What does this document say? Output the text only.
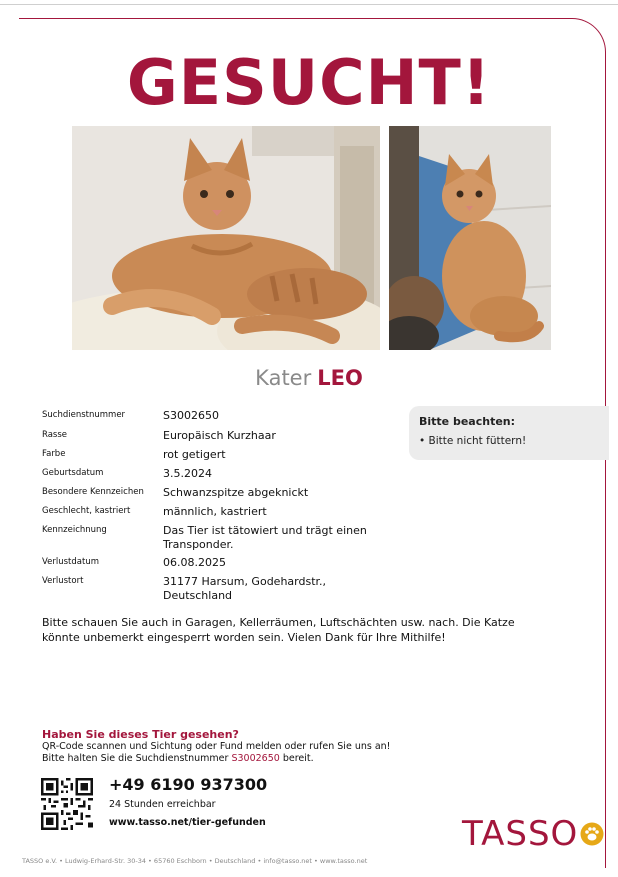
GESUCHT!
Kater LEO
Suchdienstnummer	S3002650
Rasse	Europäisch Kurzhaar
Farbe	rot getigert
Geburtsdatum	3.5.2024
Besondere Kennzeichen	Schwanzspitze abgeknickt
Geschlecht, kastriert	männlich, kastriert
Kennzeichnung	Das Tier ist tätowiert und trägt einen Transponder.
Verlustdatum	06.08.2025
Verlustort	31177 Harsum, Godehardstr., Deutschland
Bitte beachten:
• Bitte nicht füttern!
Bitte schauen Sie auch in Garagen, Kellerräumen, Luftschächten usw. nach. Die Katze könnte unbemerkt eingesperrt worden sein. Vielen Dank für Ihre Mithilfe!
Haben Sie dieses Tier gesehen?
QR-Code scannen und Sichtung oder Fund melden oder rufen Sie uns an!
Bitte halten Sie die Suchdienstnummer S3002650 bereit.
+49 6190 937300
24 Stunden erreichbar
www.tasso.net/tier-gefunden	TASSO
TASSO e.V. • Ludwig-Erhard-Str. 30-34 • 65760 Eschborn • Deutschland • info@tasso.net • www.tasso.net
